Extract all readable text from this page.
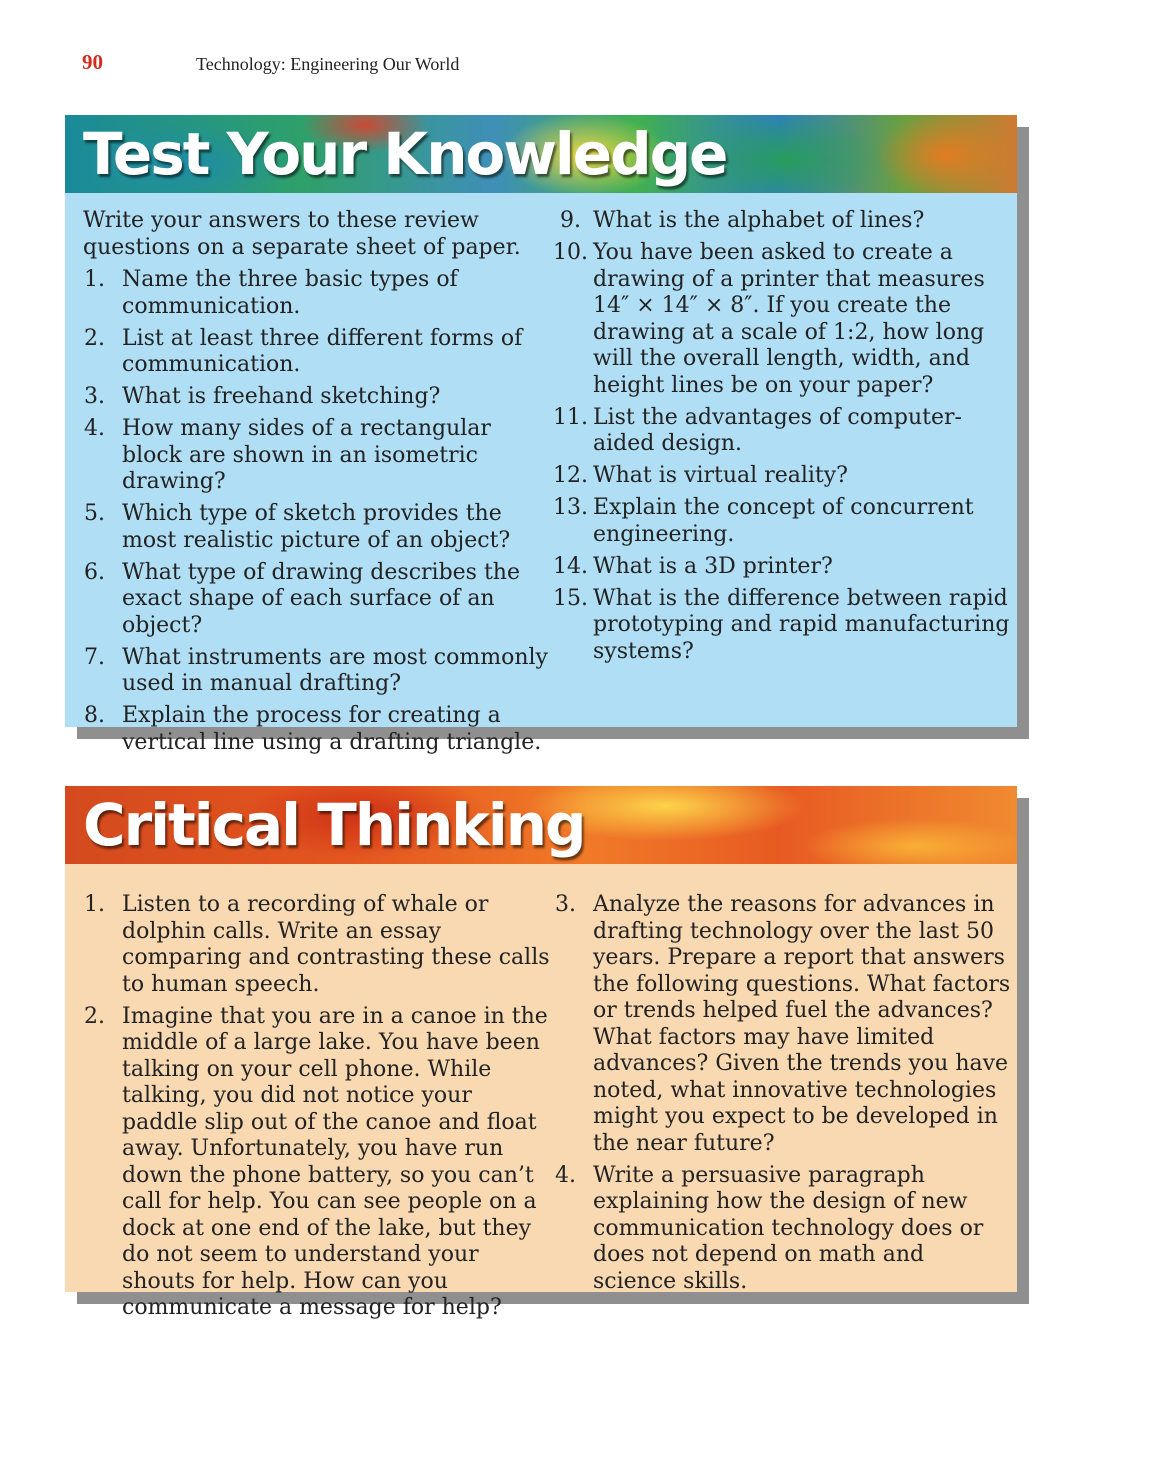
90	Technology: Engineering Our World
Test Your Knowledge

Write your answers to these review questions on a separate sheet of paper.

1. Name the three basic types of communication.
2. List at least three different forms of communication.
3. What is freehand sketching?
4. How many sides of a rectangular block are shown in an isometric drawing?
5. Which type of sketch provides the most realistic picture of an object?
6. What type of drawing describes the exact shape of each surface of an object?
7. What instruments are most commonly used in manual drafting?
8. Explain the process for creating a vertical line using a drafting triangle.
9. What is the alphabet of lines?
10. You have been asked to create a drawing of a printer that measures 14″ × 14″ × 8″. If you create the drawing at a scale of 1:2, how long will the overall length, width, and height lines be on your paper?
11. List the advantages of computer-aided design.
12. What is virtual reality?
13. Explain the concept of concurrent engineering.
14. What is a 3D printer?
15. What is the difference between rapid prototyping and rapid manufacturing systems?
Critical Thinking
1. Listen to a recording of whale or dolphin calls. Write an essay comparing and contrasting these calls to human speech.
2. Imagine that you are in a canoe in the middle of a large lake. You have been talking on your cell phone. While talking, you did not notice your paddle slip out of the canoe and float away. Unfortunately, you have run down the phone battery, so you can’t call for help. You can see people on a dock at one end of the lake, but they do not seem to understand your shouts for help. How can you communicate a message for help?
3. Analyze the reasons for advances in drafting technology over the last 50 years. Prepare a report that answers the following questions. What factors or trends helped fuel the advances? What factors may have limited advances? Given the trends you have noted, what innovative technologies might you expect to be developed in the near future?
4. Write a persuasive paragraph explaining how the design of new communication technology does or does not depend on math and science skills.
